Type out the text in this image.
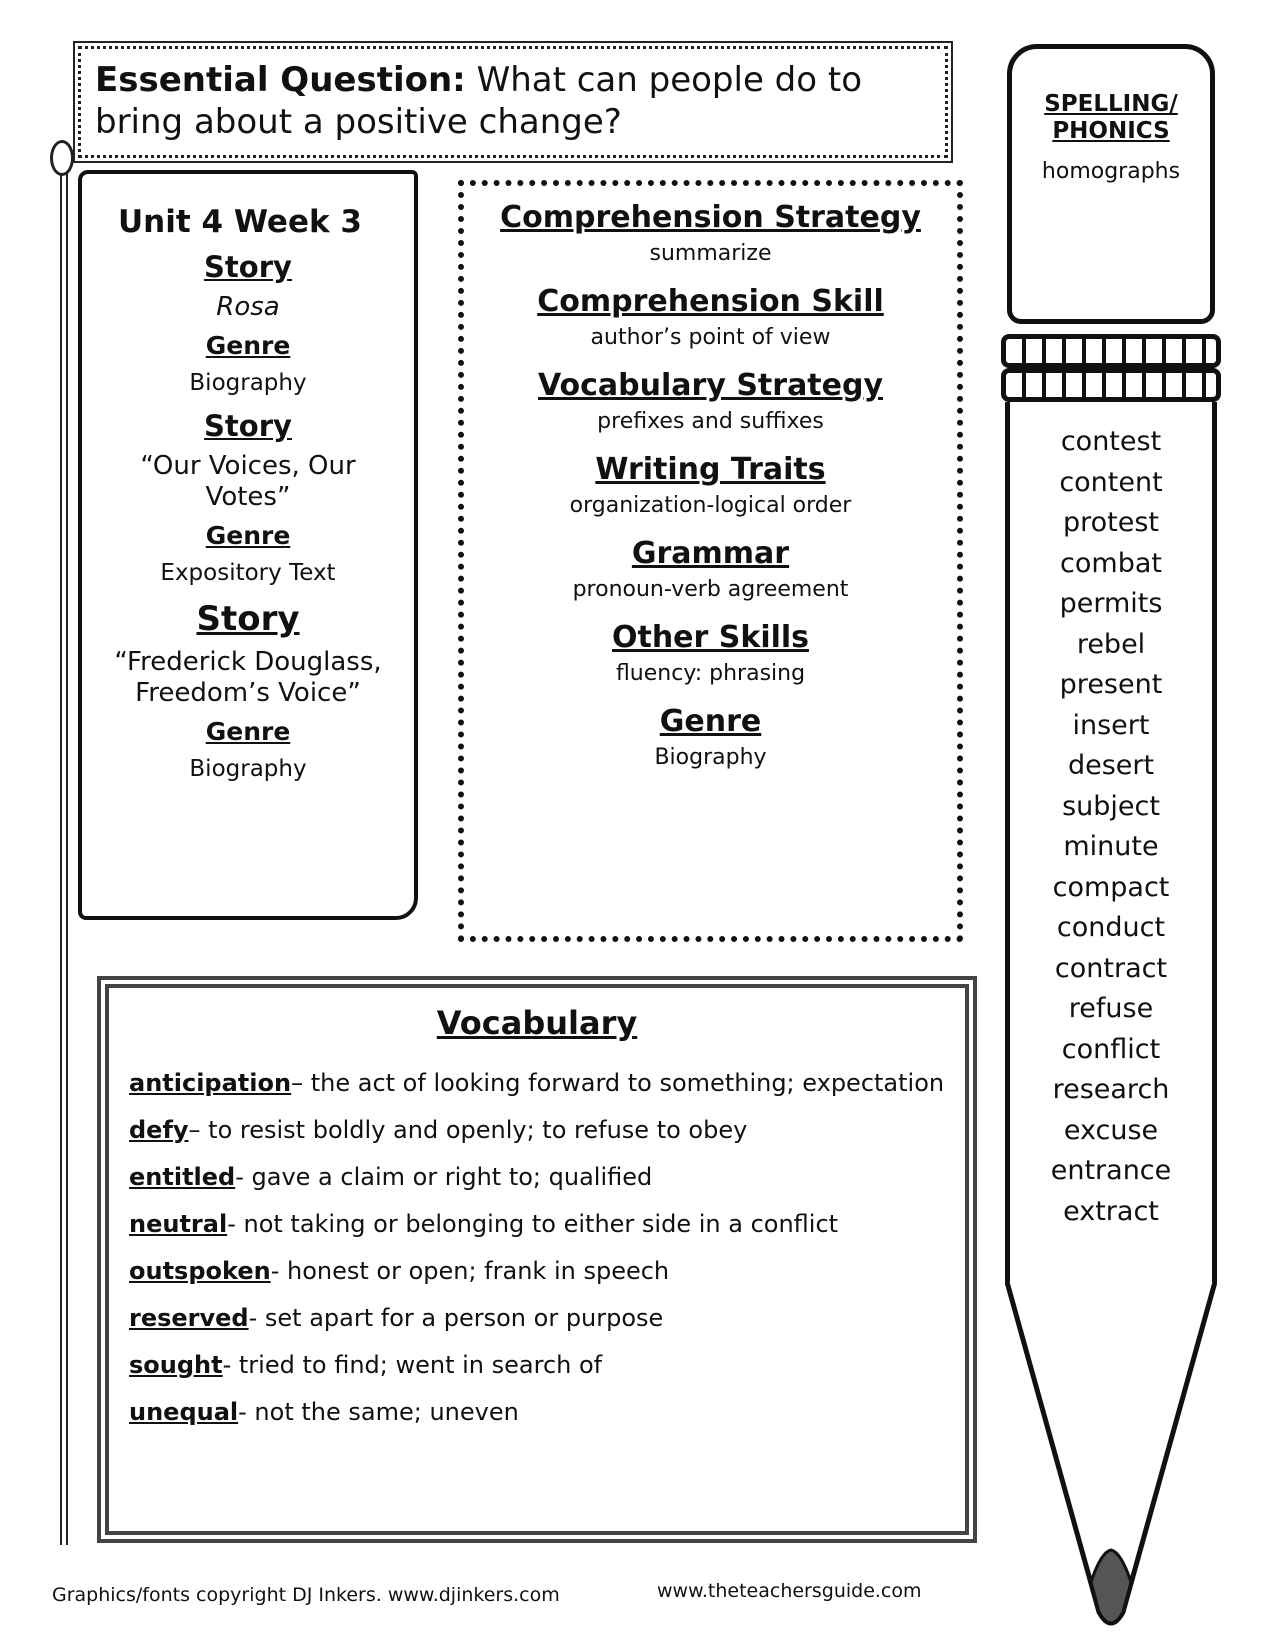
Essential Question: What can people do to bring about a positive change?
Unit 4 Week 3
Story
Rosa
Genre
Biography
Story
“Our Voices, Our Votes”
Genre
Expository Text
Story
“Frederick Douglass, Freedom’s Voice”
Genre
Biography
Comprehension Strategy
summarize
Comprehension Skill
author’s point of view
Vocabulary Strategy
prefixes and suffixes
Writing Traits
organization-logical order
Grammar
pronoun-verb agreement
Other Skills
fluency: phrasing
Genre
Biography
Vocabulary
anticipation– the act of looking forward to something; expectation
defy– to resist boldly and openly; to refuse to obey
entitled- gave a claim or right to; qualified
neutral- not taking or belonging to either side in a conflict
outspoken- honest or open; frank in speech
reserved- set apart for a person or purpose
sought- tried to find; went in search of
unequal- not the same; uneven
SPELLING/
PHONICS
homographs
contest
content
protest
combat
permits
rebel
present
insert
desert
subject
minute
compact
conduct
contract
refuse
conflict
research
excuse
entrance
extract
Graphics/fonts copyright DJ Inkers. www.djinkers.com	www.theteachersguide.com
